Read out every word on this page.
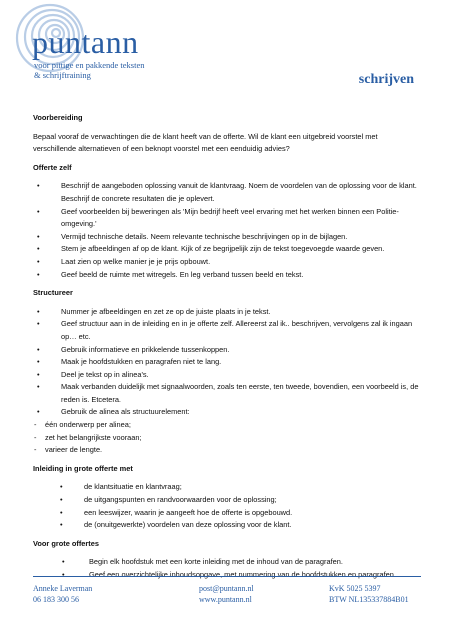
puntann
voor pittige en pakkende teksten
& schrijftraining	schrijven

Voorbereiding

Bepaal vooraf de verwachtingen die de klant heeft van de offerte. Wil de klant een uitgebreid voorstel met verschillende alternatieven of een beknopt voorstel met een eenduidig advies?

Offerte zelf

• Beschrijf de aangeboden oplossing vanuit de klantvraag. Noem de voordelen van de oplossing voor de klant. Beschrijf de concrete resultaten die je oplevert.
• Geef voorbeelden bij beweringen als 'Mijn bedrijf heeft veel ervaring met het werken binnen een Politie-omgeving.'
• Vermijd technische details. Neem relevante technische beschrijvingen op in de bijlagen.
• Stem je afbeeldingen af op de klant. Kijk of ze begrijpelijk zijn de tekst toegevoegde waarde geven.
• Laat zien op welke manier je je prijs opbouwt.
• Geef beeld de ruimte met witregels. En leg verband tussen beeld en tekst.

Structureer

• Nummer je afbeeldingen en zet ze op de juiste plaats in je tekst.
• Geef structuur aan in de inleiding en in je offerte zelf. Allereerst zal ik.. beschrijven, vervolgens zal ik ingaan op… etc.
• Gebruik informatieve en prikkelende tussenkoppen.
• Maak je hoofdstukken en paragrafen niet te lang.
• Deel je tekst op in alinea's.
• Maak verbanden duidelijk met signaalwoorden, zoals ten eerste, ten tweede, bovendien, een voorbeeld is, de reden is. Etcetera.
• Gebruik de alinea als structuurelement:
- één onderwerp per alinea;
- zet het belangrijkste vooraan;
- varieer de lengte.

Inleiding in grote offerte met

• de klantsituatie en klantvraag;
• de uitgangspunten en randvoorwaarden voor de oplossing;
• een leeswijzer, waarin je aangeeft hoe de offerte is opgebouwd.
• de (onuitgewerkte) voordelen van deze oplossing voor de klant.

Voor grote offertes

• Begin elk hoofdstuk met een korte inleiding met de inhoud van de paragrafen.
• Geef een overzichtelijke inhoudsopgave, met nummering van de hoofdstukken en paragrafen.
Anneke Laverman
06 183 300 56
post@puntann.nl
www.puntann.nl
KvK 5025 5397
BTW NL135337884B01
